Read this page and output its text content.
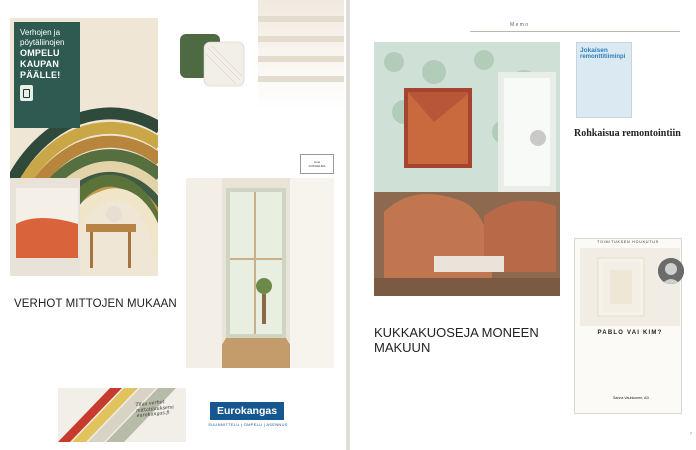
Verhojen ja
pöytäliinojen
OMPELU
KAUPAN
PÄÄLLE!
Uusi
KOKOELMA
VERHOT MITTOJEN MUKAAN
Tilaa verhot mittatilauksena eurokangas.fi	Eurokangas
SUUNNITTELU | OMPELU | ASENNUS
Memo
Jokaisen
remonttitiiminpi
Rohkaisua remontointiin
TOIMITUKSEN HOUKUTUS
PABLO VAI KIM?
Sanna Vauhkonen, AD
KUKKAKUOSEJA MONEEN MAKUUN
7
